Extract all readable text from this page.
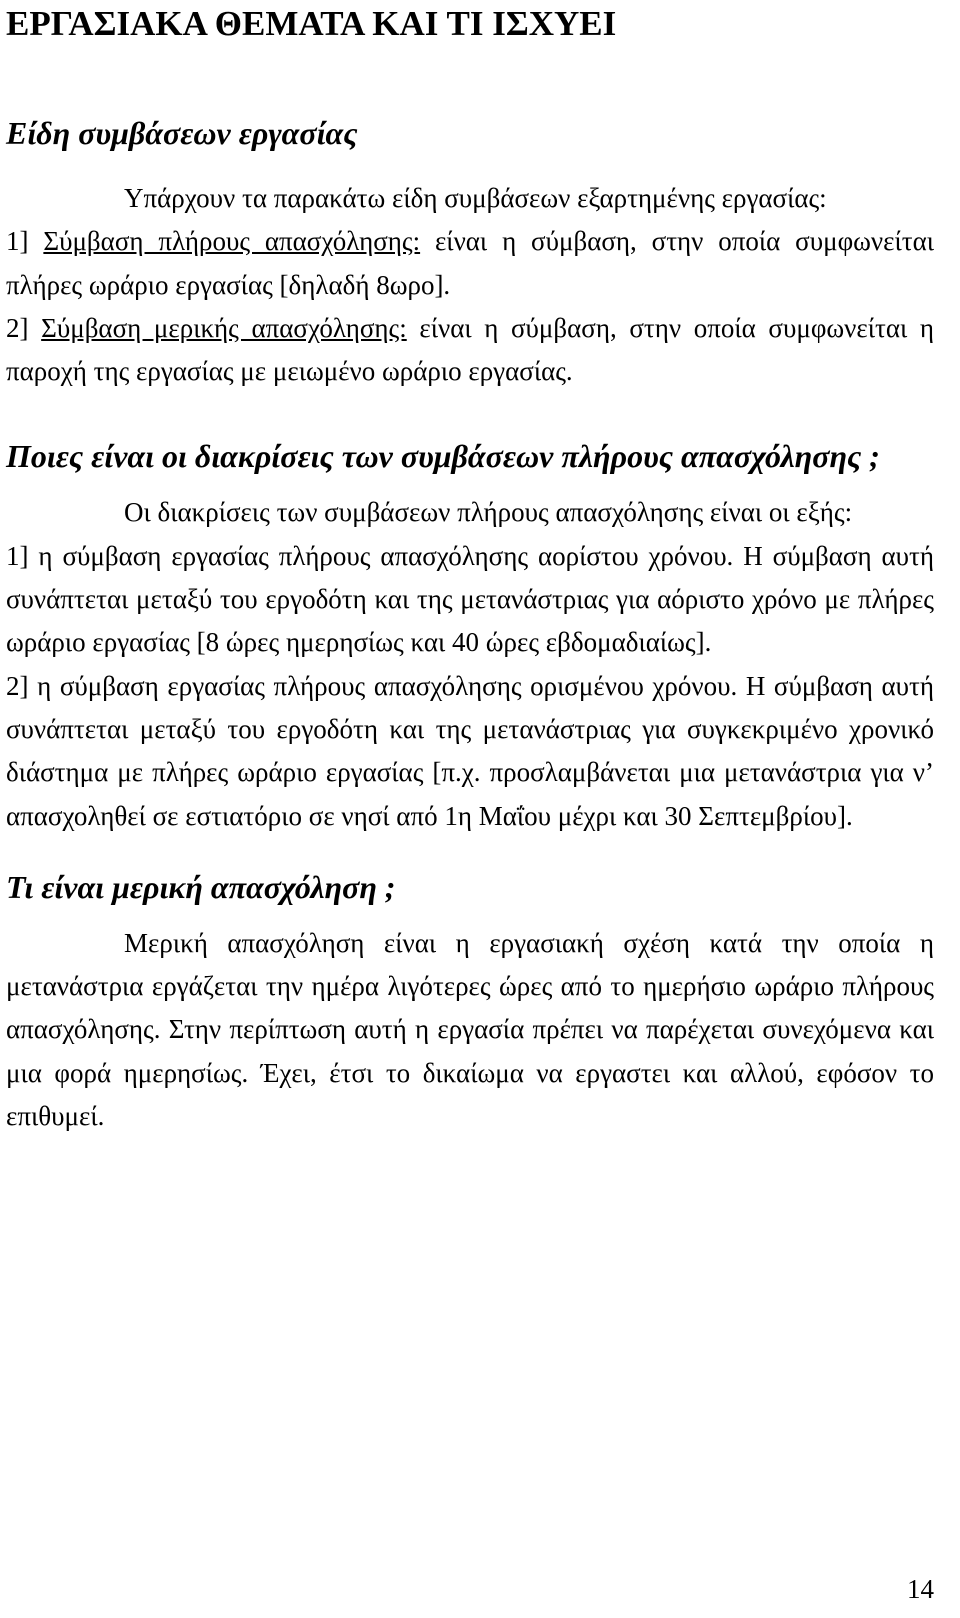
ΕΡΓΑΣΙΑΚΑ ΘΕΜΑΤΑ ΚΑΙ ΤΙ ΙΣΧΥΕΙ
Είδη συμβάσεων εργασίας

Υπάρχουν τα παρακάτω είδη συμβάσεων εξαρτημένης εργασίας:

1] Σύμβαση πλήρους απασχόλησης: είναι η σύμβαση, στην οποία συμφωνείται πλήρες ωράριο εργασίας [δηλαδή 8ωρο].

2] Σύμβαση μερικής απασχόλησης: είναι η σύμβαση, στην οποία συμφωνείται η παροχή της εργασίας με μειωμένο ωράριο εργασίας.

Ποιες είναι οι διακρίσεις των συμβάσεων πλήρους απασχόλησης ;

Οι διακρίσεις των συμβάσεων πλήρους απασχόλησης είναι οι εξής:

1] η σύμβαση εργασίας πλήρους απασχόλησης αορίστου χρόνου. Η σύμβαση αυτή συνάπτεται μεταξύ του εργοδότη και της μετανάστριας για αόριστο χρόνο με πλήρες ωράριο εργασίας [8 ώρες ημερησίως και 40 ώρες εβδομαδιαίως].

2] η σύμβαση εργασίας πλήρους απασχόλησης ορισμένου χρόνου. Η σύμβαση αυτή συνάπτεται μεταξύ του εργοδότη και της μετανάστριας για συγκεκριμένο χρονικό διάστημα με πλήρες ωράριο εργασίας [π.χ. προσλαμβάνεται μια μετανάστρια για ν’ απασχοληθεί σε εστιατόριο σε νησί από 1η Μαΐου μέχρι και 30 Σεπτεμβρίου].

Τι είναι μερική απασχόληση ;

Μερική απασχόληση είναι η εργασιακή σχέση κατά την οποία η μετανάστρια εργάζεται την ημέρα λιγότερες ώρες από το ημερήσιο ωράριο πλήρους απασχόλησης. Στην περίπτωση αυτή η εργασία πρέπει να παρέχεται συνεχόμενα και μια φορά ημερησίως. Έχει, έτσι το δικαίωμα να εργαστει και αλλού, εφόσον το επιθυμεί.

14
